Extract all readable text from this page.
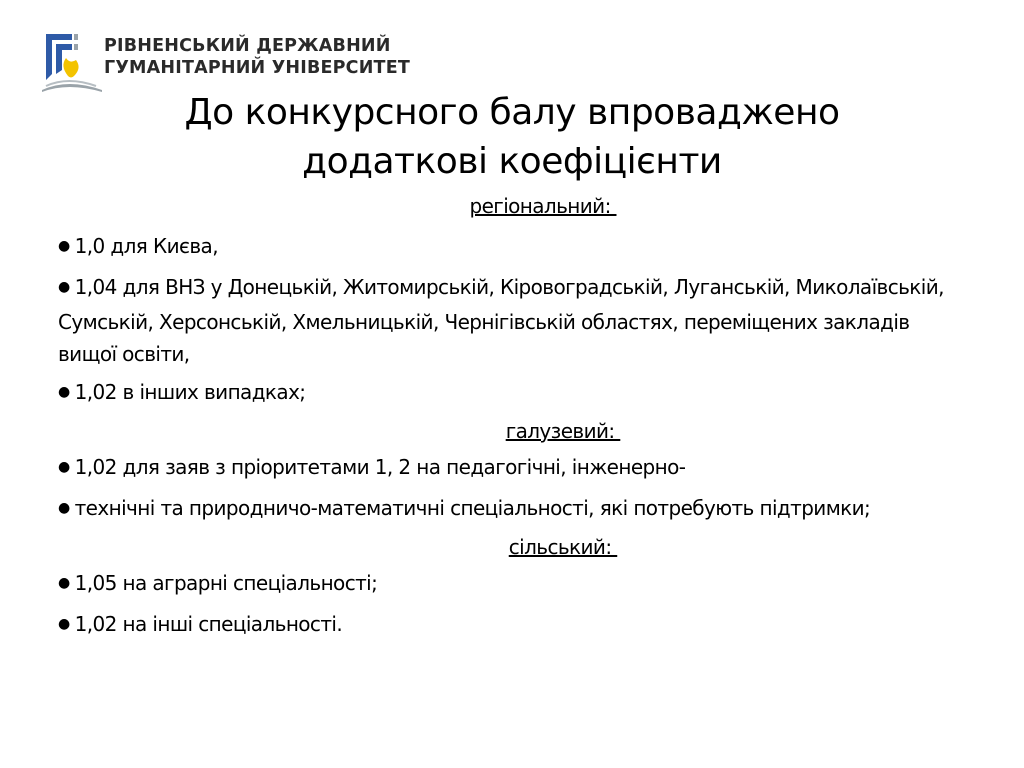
РІВНЕНСЬКИЙ ДЕРЖАВНИЙ
ГУМАНІТАРНИЙ УНІВЕРСИТЕТ
До конкурсного балу впроваджено
додаткові коефіцієнти

регіональний:

● 1,0 для Києва,

● 1,04 для ВНЗ у Донецькій, Житомирській, Кіровоградській, Луганській, Миколаївській, Сумській, Херсонській, Хмельницькій, Чернігівській областях, переміщених закладів вищої освіти,

● 1,02 в інших випадках;

галузевий:

● 1,02 для заяв з пріоритетами 1, 2 на педагогічні, інженерно-

● технічні та природничо-математичні спеціальності, які потребують підтримки;

сільський:

● 1,05 на аграрні спеціальності;

● 1,02 на інші спеціальності.
